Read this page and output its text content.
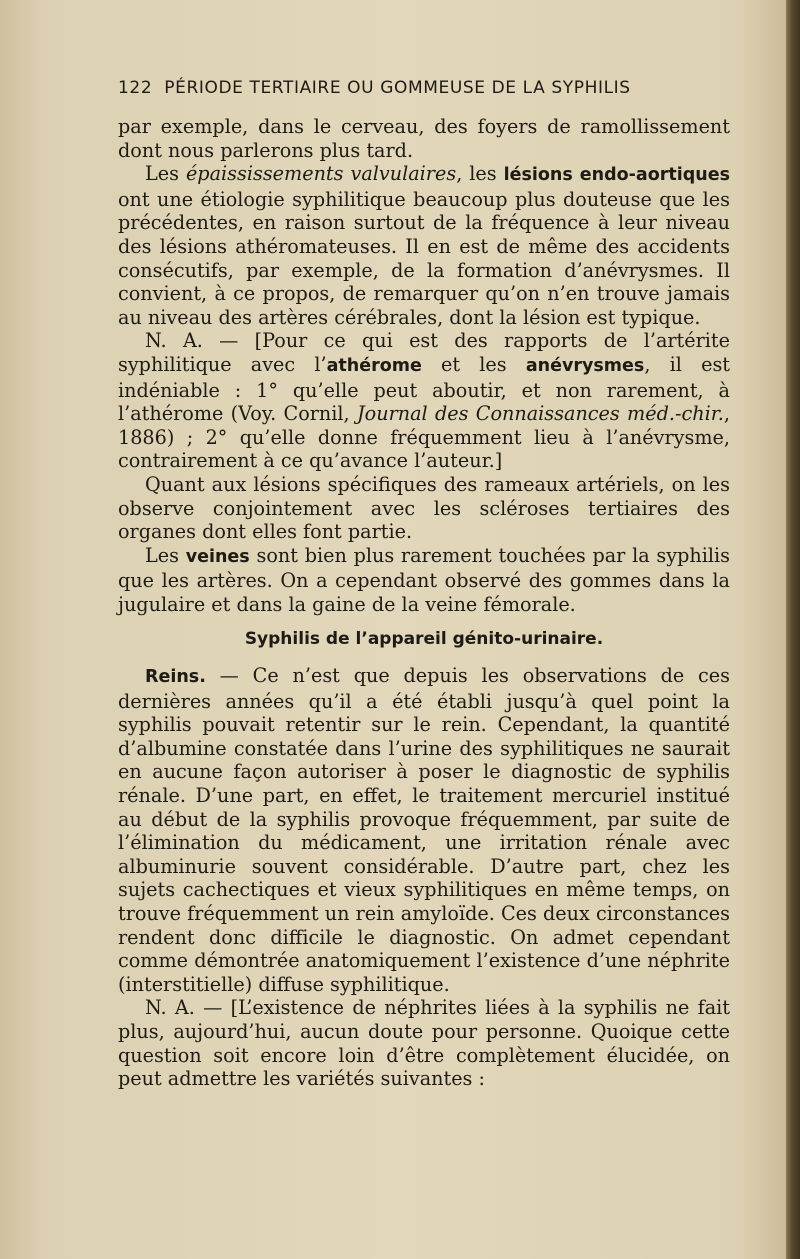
122 PÉRIODE TERTIAIRE OU GOMMEUSE DE LA SYPHILIS

par exemple, dans le cerveau, des foyers de ramollissement dont nous parlerons plus tard.

Les épaississements valvulaires, les lésions endo-aortiques ont une étiologie syphilitique beaucoup plus douteuse que les précédentes, en raison surtout de la fréquence à leur niveau des lésions athéromateuses. Il en est de même des accidents consécutifs, par exemple, de la formation d’anévrysmes. Il convient, à ce propos, de remarquer qu’on n’en trouve jamais au niveau des artères cérébrales, dont la lésion est typique.

N. A. — [Pour ce qui est des rapports de l’artérite syphilitique avec l’athérome et les anévrysmes, il est indéniable : 1° qu’elle peut aboutir, et non rarement, à l’athérome (Voy. Cornil, Journal des Connaissances méd.-chir., 1886) ; 2° qu’elle donne fréquemment lieu à l’anévrysme, contrairement à ce qu’avance l’auteur.]

Quant aux lésions spécifiques des rameaux artériels, on les observe conjointement avec les scléroses tertiaires des organes dont elles font partie.

Les veines sont bien plus rarement touchées par la syphilis que les artères. On a cependant observé des gommes dans la jugulaire et dans la gaine de la veine fémorale.

Syphilis de l’appareil génito-urinaire.

Reins. — Ce n’est que depuis les observations de ces dernières années qu’il a été établi jusqu’à quel point la syphilis pouvait retentir sur le rein. Cependant, la quantité d’albumine constatée dans l’urine des syphilitiques ne saurait en aucune façon autoriser à poser le diagnostic de syphilis rénale. D’une part, en effet, le traitement mercuriel institué au début de la syphilis provoque fréquemment, par suite de l’élimination du médicament, une irritation rénale avec albuminurie souvent considérable. D’autre part, chez les sujets cachectiques et vieux syphilitiques en même temps, on trouve fréquemment un rein amyloïde. Ces deux circonstances rendent donc difficile le diagnostic. On admet cependant comme démontrée anatomiquement l’existence d’une néphrite (interstitielle) diffuse syphilitique.

N. A. — [L’existence de néphrites liées à la syphilis ne fait plus, aujourd’hui, aucun doute pour personne. Quoique cette question soit encore loin d’être complètement élucidée, on peut admettre les variétés suivantes :
